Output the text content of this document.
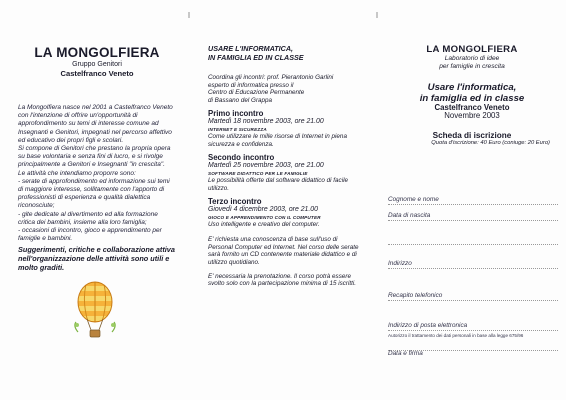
LA MONGOLFIERA
Gruppo Genitori
Castelfranco Veneto

La Mongolfiera nasce nel 2001 a Castelfranco Veneto con l'intenzione di offrire un'opportunità di approfondimento su temi di interesse comune ad Insegnanti e Genitori, impegnati nel percorso affettivo ed educativo dei propri figli e scolari.

Si compone di Genitori che prestano la propria opera su base volontaria e senza fini di lucro, e si rivolge principalmente a Genitori e Insegnanti "in crescita".

Le attività che intendiamo proporre sono:

- serate di approfondimento ed informazione sui temi di maggiore interesse, sollitamente con l'apporto di professionisti di esperienza e qualità dialettica riconosciute;

- gite dedicate al divertimento ed alla formazione critica dei bambini, insieme alla loro famiglia;

- occasioni di incontro, gioco e apprendimento per famiglie e bambini.

Suggerimenti, critiche e collaborazione attiva nell'organizzazione delle attività sono utili e molto graditi.
USARE L'INFORMATICA,
IN FAMIGLIA ED IN CLASSE

Coordina gli incontri: prof. Pierantonio Garlini

esperto di informatica presso il

Centro di Educazione Permanente

di Bassano del Grappa

Primo incontro
Martedì 18 novembre 2003, ore 21.00
INTERNET E SICUREZZA
Come utilizzare le mille risorse di Internet in piena sicurezza e confidenza.
Secondo incontro
Martedì 25 novembre 2003, ore 21.00
SOFTWARE DIDATTICO PER LE FAMIGLIE
Le possibilità offerte dal software didattico di facile utilizzo.
Terzo incontro
Giovedì 4 dicembre 2003, ore 21.00
GIOCO E APPRENDIMENTO CON IL COMPUTER
Uso intelligente e creativo del computer.
E' richiesta una conoscenza di base sull'uso di Personal Computer ed Internet. Nel corso delle serate sarà fornito un CD contenente materiale didattico e di utilizzo quotidiano.
E' necessaria la prenotazione. Il corso potrà essere svolto solo con la partecipazione minima di 15 iscritti.
LA MONGOLFIERA
Laboratorio di idee
per famiglie in crescita
Usare l'informatica,
in famiglia ed in classe
Castelfranco Veneto
Novembre 2003
Scheda di iscrizione
Quota d'iscrizione: 40 Euro (coniuge: 20 Euro)
Cognome e nome
Data di nascita
Indirizzo
Recapito telefonico
Indirizzo di posta elettronica
Autorizzo il trattamento dei dati personali in base alla legge 675/96
Data e firma
